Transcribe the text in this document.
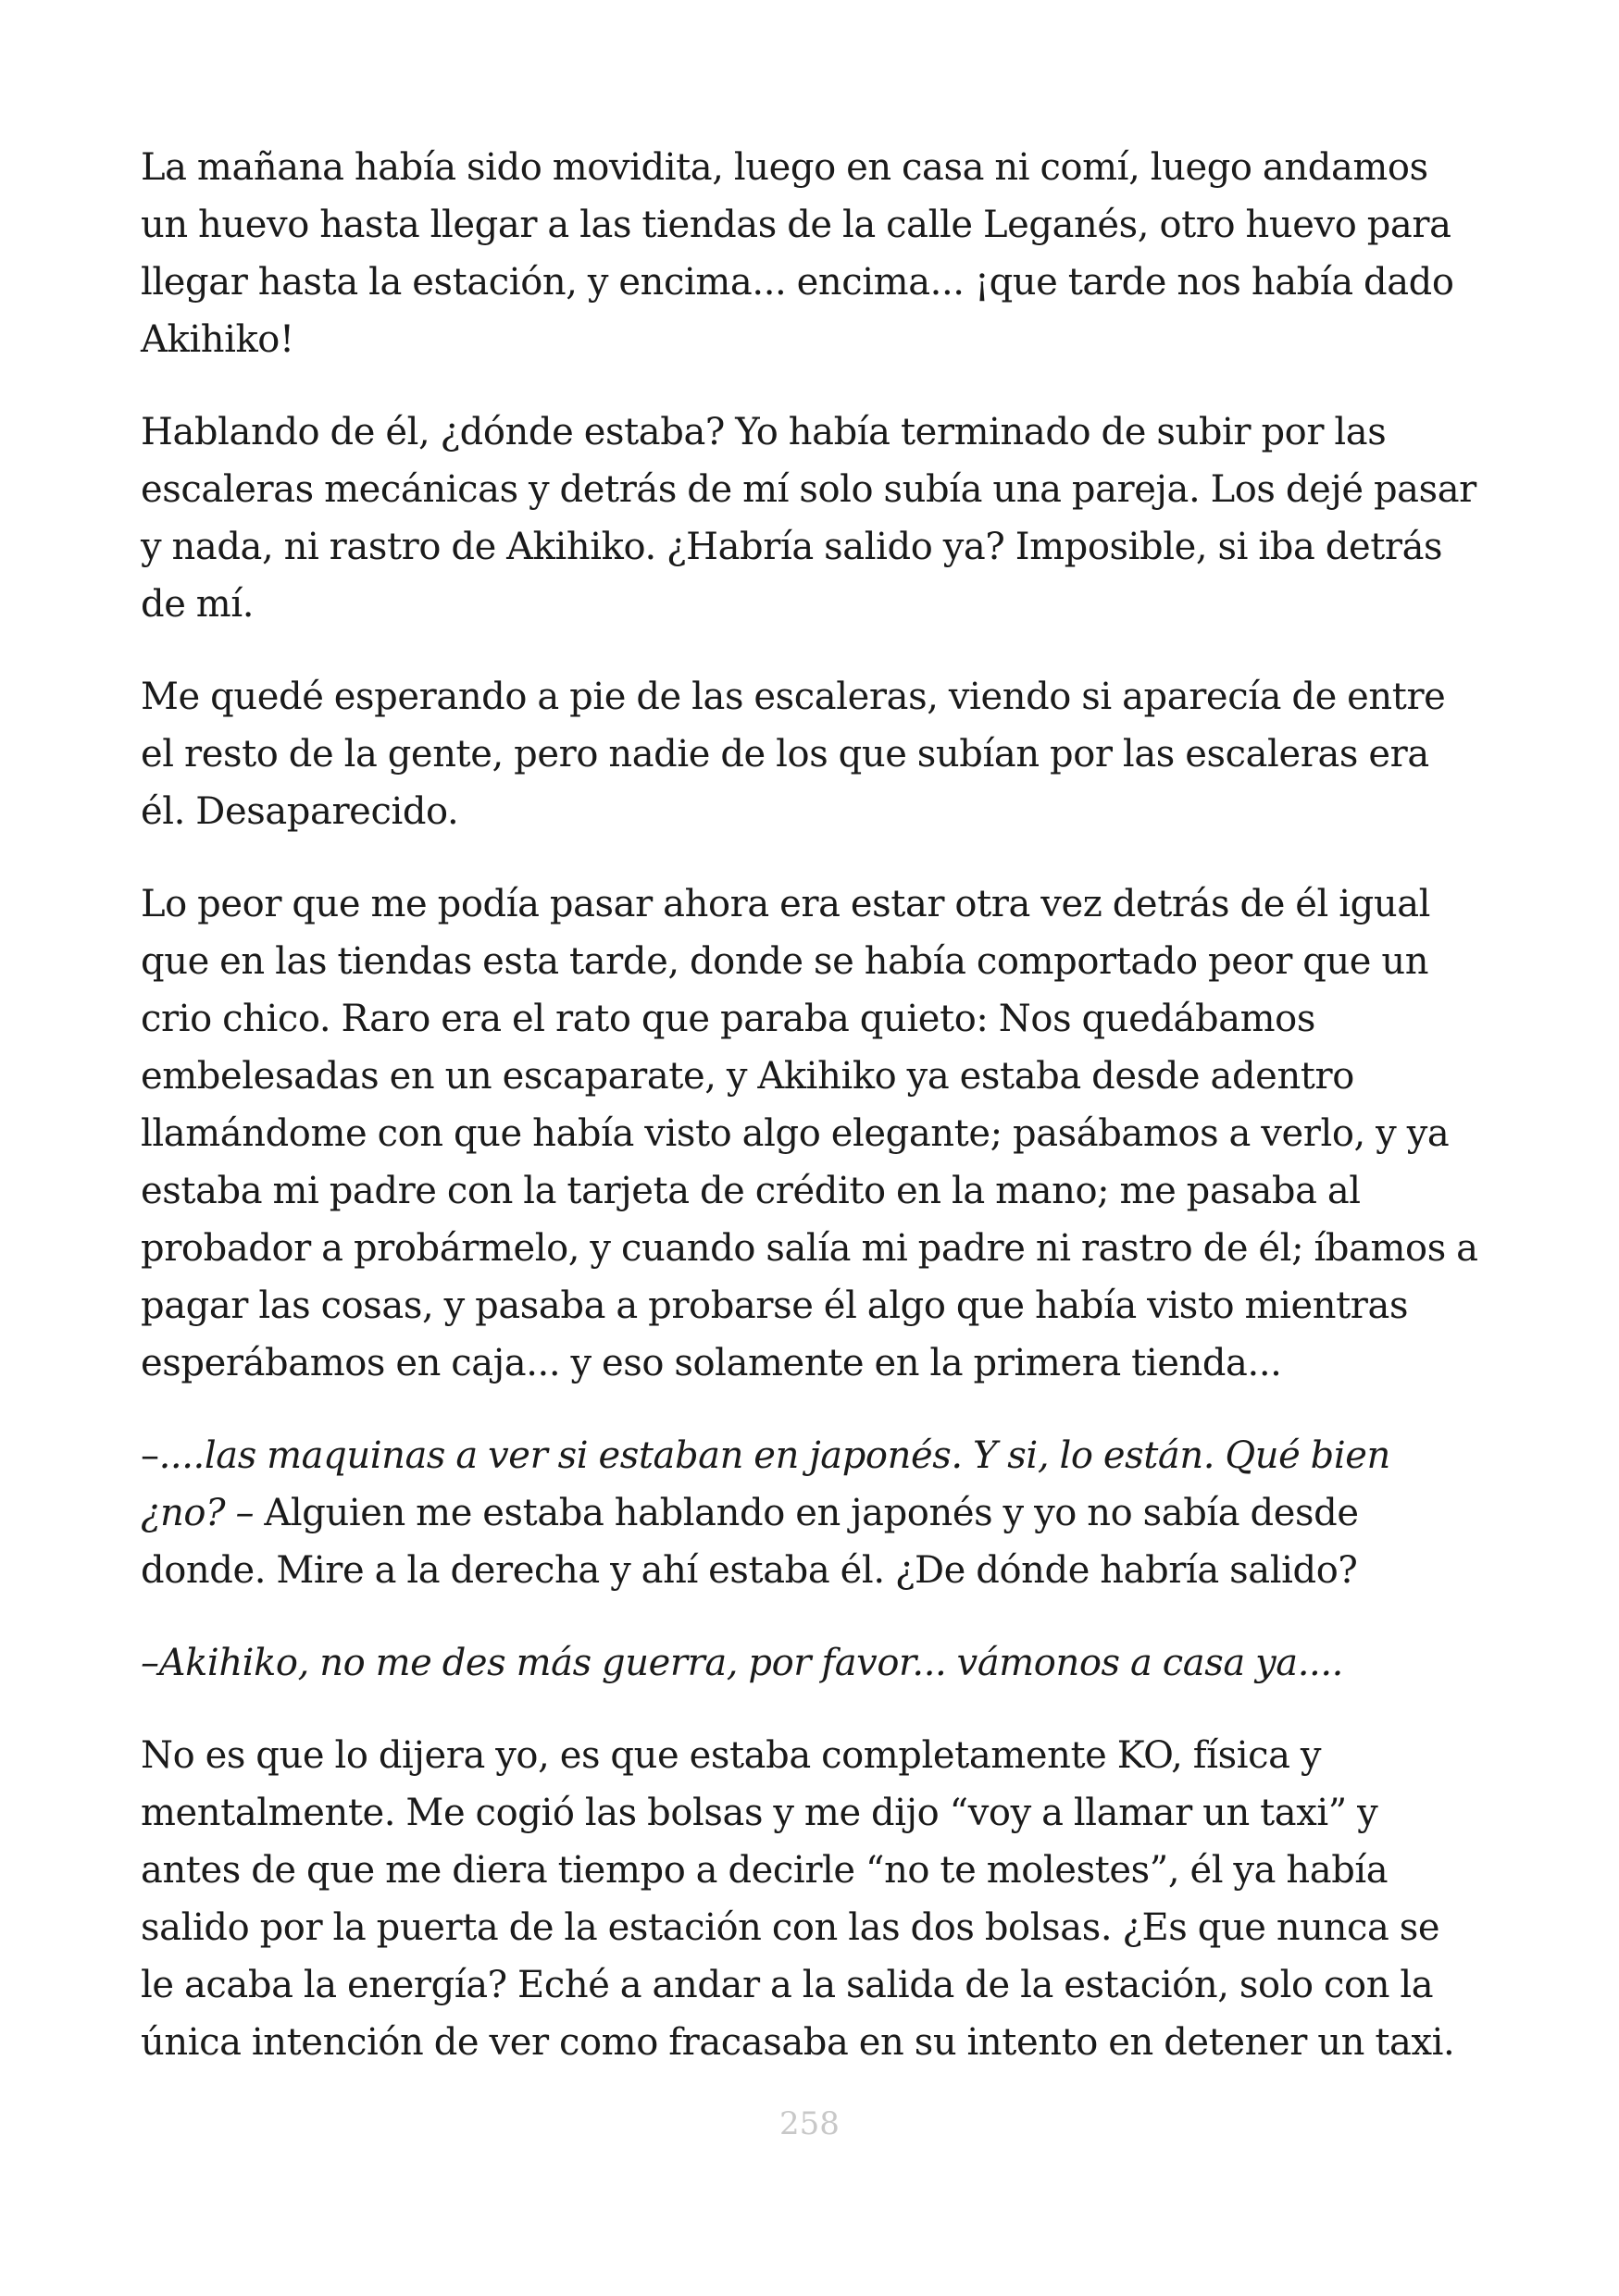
La mañana había sido movidita, luego en casa ni comí, luego andamos un huevo hasta llegar a las tiendas de la calle Leganés, otro huevo para llegar hasta la estación, y encima... encima... ¡que tarde nos había dado Akihiko!

Hablando de él, ¿dónde estaba? Yo había terminado de subir por las escaleras mecánicas y detrás de mí solo subía una pareja. Los dejé pasar y nada, ni rastro de Akihiko. ¿Habría salido ya? Imposible, si iba detrás de mí.

Me quedé esperando a pie de las escaleras, viendo si aparecía de entre el resto de la gente, pero nadie de los que subían por las escaleras era él. Desaparecido.

Lo peor que me podía pasar ahora era estar otra vez detrás de él igual que en las tiendas esta tarde, donde se había comportado peor que un crio chico. Raro era el rato que paraba quieto: Nos quedábamos embelesadas en un escaparate, y Akihiko ya estaba desde adentro llamándome con que había visto algo elegante; pasábamos a verlo, y ya estaba mi padre con la tarjeta de crédito en la mano; me pasaba al probador a probármelo, y cuando salía mi padre ni rastro de él; íbamos a pagar las cosas, y pasaba a probarse él algo que había visto mientras esperábamos en caja... y eso solamente en la primera tienda...

–....las maquinas a ver si estaban en japonés. Y si, lo están. Qué bien ¿no? – Alguien me estaba hablando en japonés y yo no sabía desde donde. Mire a la derecha y ahí estaba él. ¿De dónde habría salido?

–Akihiko, no me des más guerra, por favor... vámonos a casa ya....

No es que lo dijera yo, es que estaba completamente KO, física y mentalmente. Me cogió las bolsas y me dijo “voy a llamar un taxi” y antes de que me diera tiempo a decirle “no te molestes”, él ya había salido por la puerta de la estación con las dos bolsas. ¿Es que nunca se le acaba la energía? Eché a andar a la salida de la estación, solo con la única intención de ver como fracasaba en su intento en detener un taxi.

258
